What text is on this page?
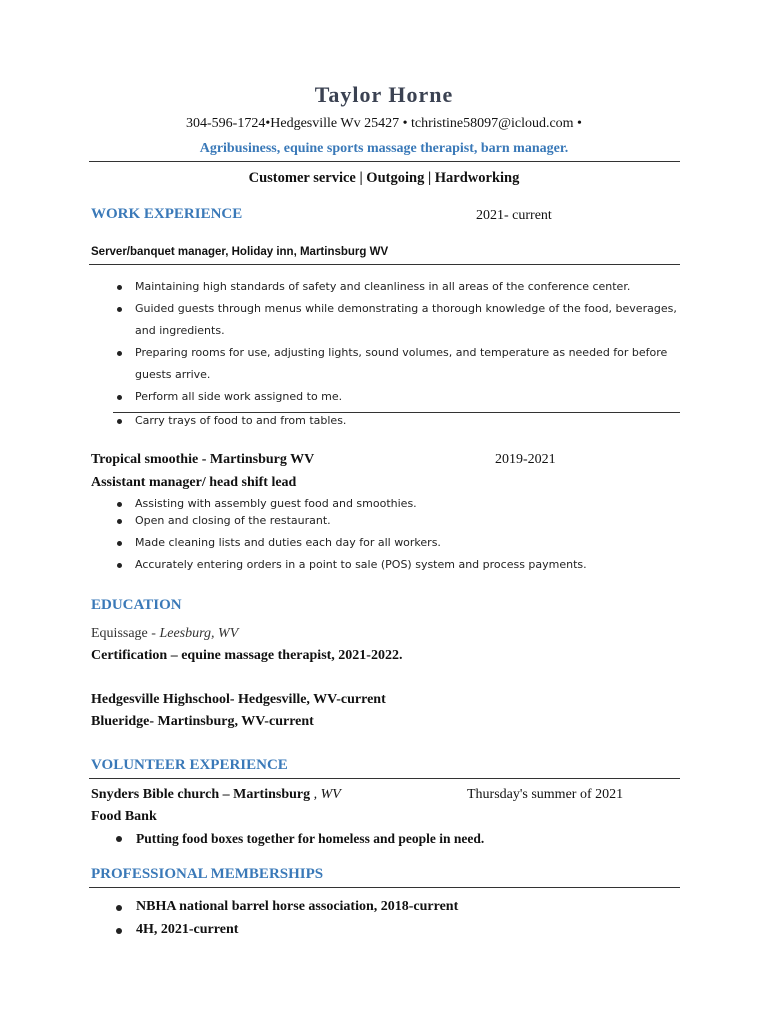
Taylor Horne
304-596-1724•Hedgesville Wv 25427 • tchristine58097@icloud.com •
Agribusiness, equine sports massage therapist, barn manager.
Customer service | Outgoing | Hardworking
WORK EXPERIENCE	2021- current
Server/banquet manager, Holiday inn, Martinsburg WV
Maintaining high standards of safety and cleanliness in all areas of the conference center.
Guided guests through menus while demonstrating a thorough knowledge of the food, beverages,
and ingredients.
Preparing rooms for use, adjusting lights, sound volumes, and temperature as needed for before
guests arrive.
Perform all side work assigned to me.
Carry trays of food to and from tables.
Tropical smoothie - Martinsburg WV	2019-2021
Assistant manager/ head shift lead
Assisting with assembly guest food and smoothies.
Open and closing of the restaurant.
Made cleaning lists and duties each day for all workers.
Accurately entering orders in a point to sale (POS) system and process payments.
EDUCATION
Equissage - Leesburg, WV
Certification – equine massage therapist, 2021-2022.
Hedgesville Highschool- Hedgesville, WV-current
Blueridge- Martinsburg, WV-current
VOLUNTEER EXPERIENCE
Snyders Bible church – Martinsburg , WV	Thursday's summer of 2021
Food Bank
Putting food boxes together for homeless and people in need.
PROFESSIONAL MEMBERSHIPS
NBHA national barrel horse association, 2018-current
4H, 2021-current
